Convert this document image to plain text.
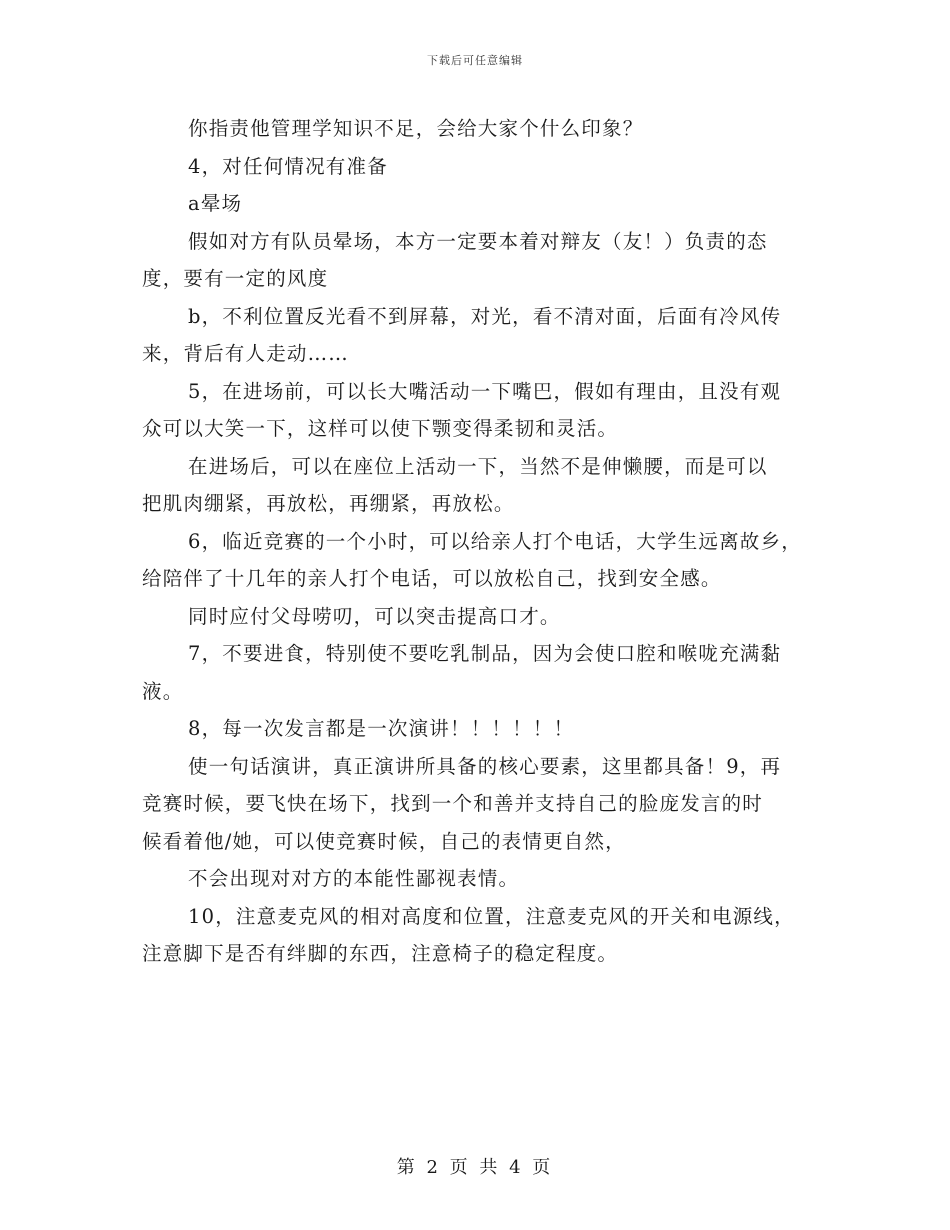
下载后可任意编辑
你指责他管理学知识不足，会给大家个什么印象？
4，对任何情况有准备
a晕场
假如对方有队员晕场，本方一定要本着对辩友（友！）负责的态
度，要有一定的风度
b，不利位置反光看不到屏幕，对光，看不清对面，后面有冷风传
来，背后有人走动……
5，在进场前，可以长大嘴活动一下嘴巴，假如有理由，且没有观
众可以大笑一下，这样可以使下颚变得柔韧和灵活。
在进场后，可以在座位上活动一下，当然不是伸懒腰，而是可以
把肌肉绷紧，再放松，再绷紧，再放松。
6，临近竞赛的一个小时，可以给亲人打个电话，大学生远离故乡，
给陪伴了十几年的亲人打个电话，可以放松自己，找到安全感。
同时应付父母唠叨，可以突击提高口才。
7，不要进食，特别使不要吃乳制品，因为会使口腔和喉咙充满黏
液。
8，每一次发言都是一次演讲！！！！！！
使一句话演讲，真正演讲所具备的核心要素，这里都具备！9，再
竞赛时候，要飞快在场下，找到一个和善并支持自己的脸庞发言的时
候看着他/她，可以使竞赛时候，自己的表情更自然，
不会出现对对方的本能性鄙视表情。
10，注意麦克风的相对高度和位置，注意麦克风的开关和电源线，
注意脚下是否有绊脚的东西，注意椅子的稳定程度。
第 2 页 共 4 页
